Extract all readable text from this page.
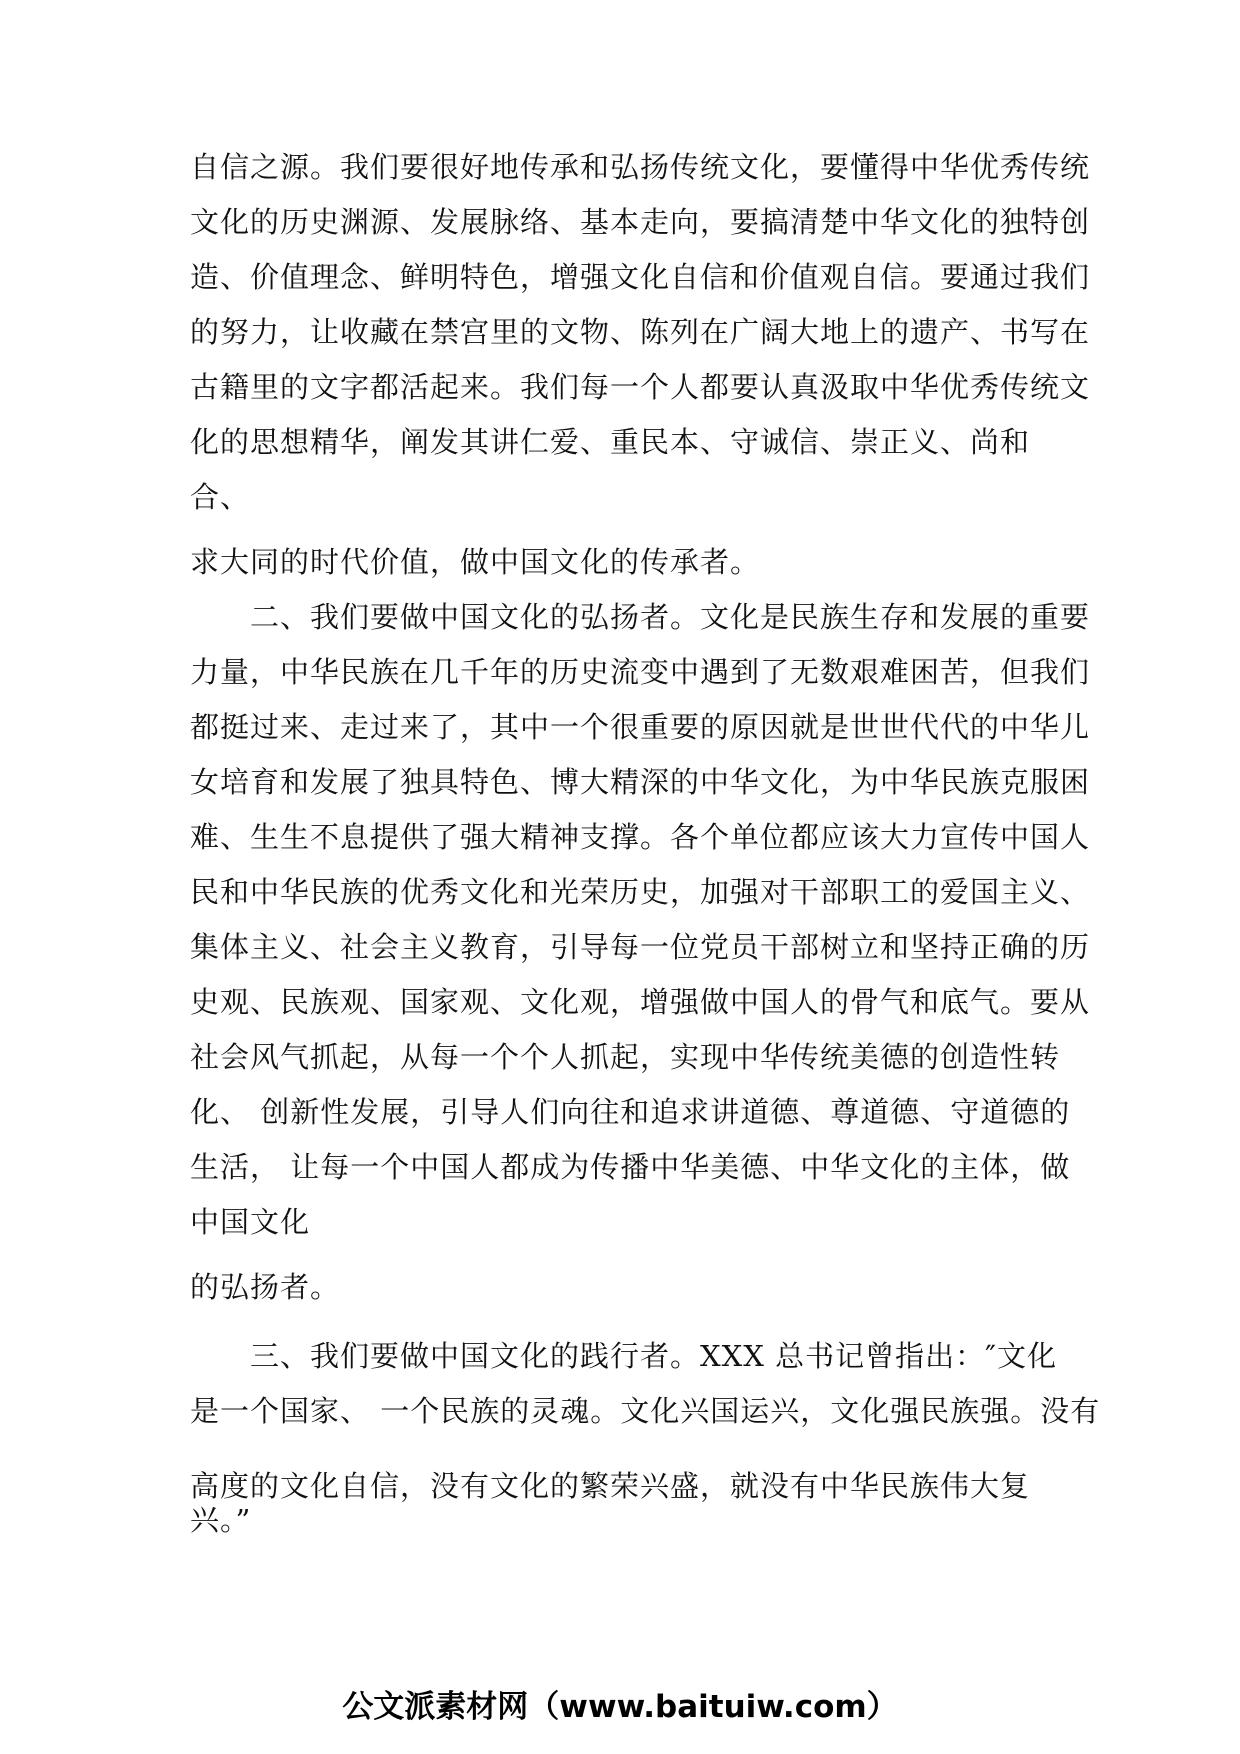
自信之源。我们要很好地传承和弘扬传统文化，要懂得中华优秀传统
文化的历史渊源、发展脉络、基本走向，要搞清楚中华文化的独特创
造、价值理念、鲜明特色，增强文化自信和价值观自信。要通过我们
的努力，让收藏在禁宫里的文物、陈列在广阔大地上的遗产、书写在
古籍里的文字都活起来。我们每一个人都要认真汲取中华优秀传统文
化的思想精华，阐发其讲仁爱、重民本、守诚信、崇正义、尚和
合、
求大同的时代价值，做中国文化的传承者。
　　二、我们要做中国文化的弘扬者。文化是民族生存和发展的重要
力量，中华民族在几千年的历史流变中遇到了无数艰难困苦，但我们
都挺过来、走过来了，其中一个很重要的原因就是世世代代的中华儿
女培育和发展了独具特色、博大精深的中华文化，为中华民族克服困
难、生生不息提供了强大精神支撑。各个单位都应该大力宣传中国人
民和中华民族的优秀文化和光荣历史，加强对干部职工的爱国主义、
集体主义、社会主义教育，引导每一位党员干部树立和坚持正确的历
史观、民族观、国家观、文化观，增强做中国人的骨气和底气。要从
社会风气抓起，从每一个个人抓起，实现中华传统美德的创造性转
化、 创新性发展，引导人们向往和追求讲道德、尊道德、守道德的
生活， 让每一个中国人都成为传播中华美德、中华文化的主体，做
中国文化
的弘扬者。
　　三、我们要做中国文化的践行者。XXX 总书记曾指出：″文化
是一个国家、 一个民族的灵魂。文化兴国运兴，文化强民族强。没有
高度的文化自信，没有文化的繁荣兴盛，就没有中华民族伟大复
兴。”
公文派素材网（www.baituiw.com）
